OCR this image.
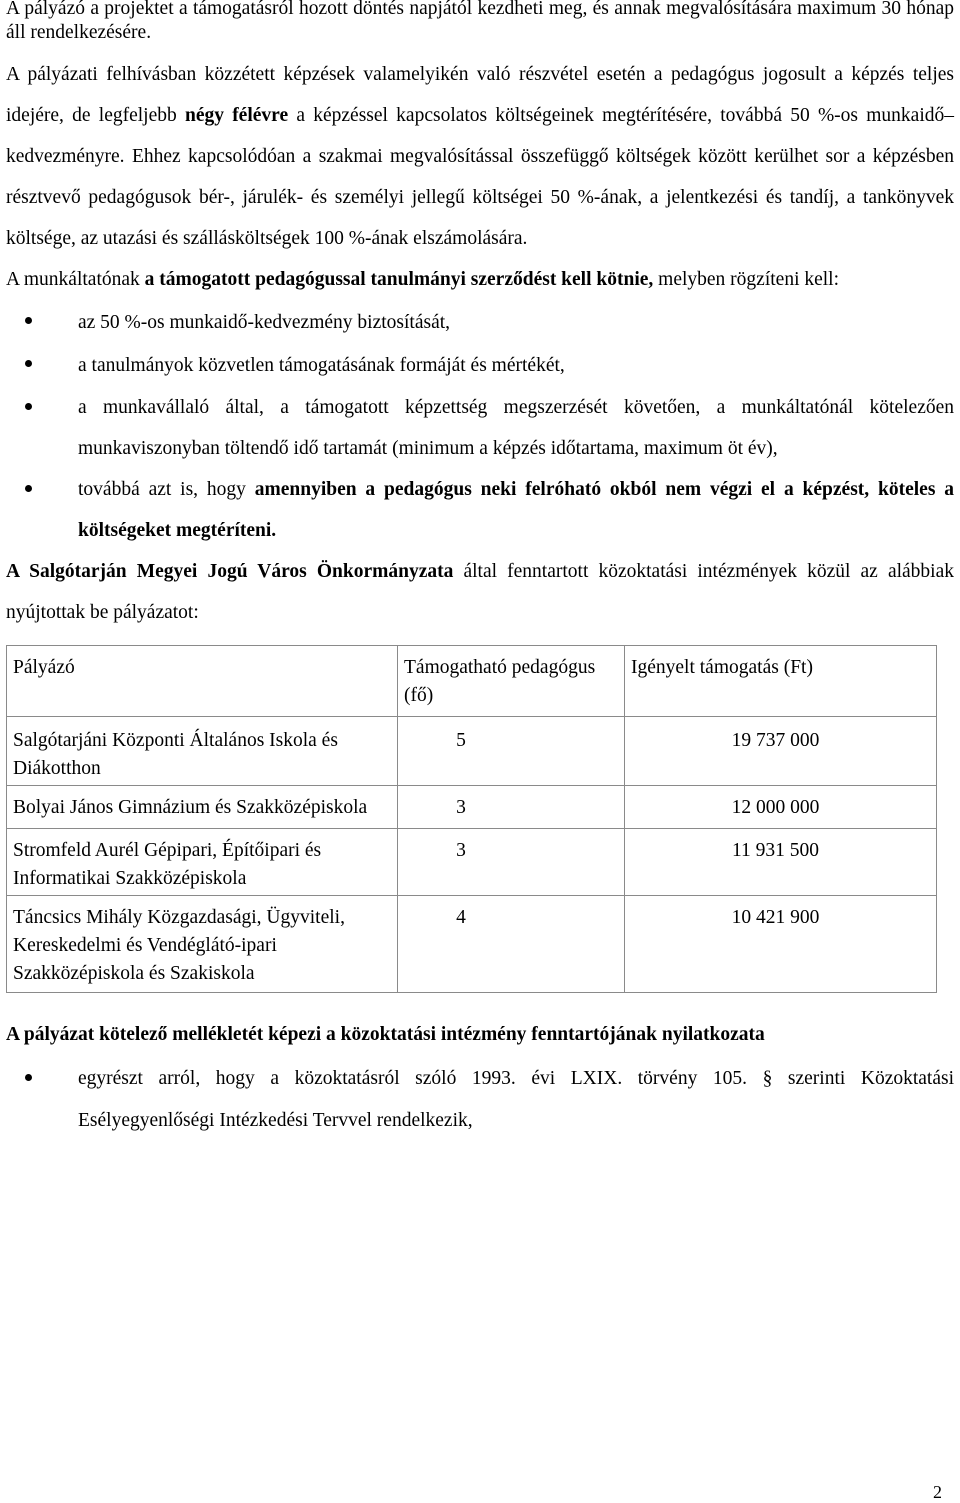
A pályázó a projektet a támogatásról hozott döntés napjától kezdheti meg, és annak megvalósítására maximum 30 hónap áll rendelkezésére.

A pályázati felhívásban közzétett képzések valamelyikén való részvétel esetén a pedagógus jogosult a képzés teljes idejére, de legfeljebb négy félévre a képzéssel kapcsolatos költségeinek megtérítésére, továbbá 50 %-os munkaidő–kedvezményre. Ehhez kapcsolódóan a szakmai megvalósítással összefüggő költségek között kerülhet sor a képzésben résztvevő pedagógusok bér-, járulék- és személyi jellegű költségei 50 %-ának, a jelentkezési és tandíj, a tankönyvek költsége, az utazási és szállásköltségek 100 %-ának elszámolására.

A munkáltatónak a támogatott pedagógussal tanulmányi szerződést kell kötnie, melyben rögzíteni kell:

az 50 %-os munkaidő-kedvezmény biztosítását,
a tanulmányok közvetlen támogatásának formáját és mértékét,
a munkavállaló által, a támogatott képzettség megszerzését követően, a munkáltatónál kötelezően munkaviszonyban töltendő idő tartamát (minimum a képzés időtartama, maximum öt év),
továbbá azt is, hogy amennyiben a pedagógus neki felróható okból nem végzi el a képzést, köteles a költségeket megtéríteni.

A Salgótarján Megyei Jogú Város Önkormányzata által fenntartott közoktatási intézmények közül az alábbiak nyújtottak be pályázatot:

Pályázó	Támogatható pedagógus (fő)	Igényelt támogatás (Ft)
Salgótarjáni Központi Általános Iskola és Diákotthon	5	19 737 000

Bolyai János Gimnázium és Szakközépiskola	3	12 000 000

Stromfeld Aurél Gépipari, Építőipari és Informatikai Szakközépiskola	3	11 931 500

Táncsics Mihály Közgazdasági, Ügyviteli, Kereskedelmi és Vendéglátó-ipari Szakközépiskola és Szakiskola	4	10 421 900

A pályázat kötelező mellékletét képezi a közoktatási intézmény fenntartójának nyilatkozata

egyrészt arról, hogy a közoktatásról szóló 1993. évi LXIX. törvény 105. § szerinti Közoktatási Esélyegyenlőségi Intézkedési Tervvel rendelkezik,
2
